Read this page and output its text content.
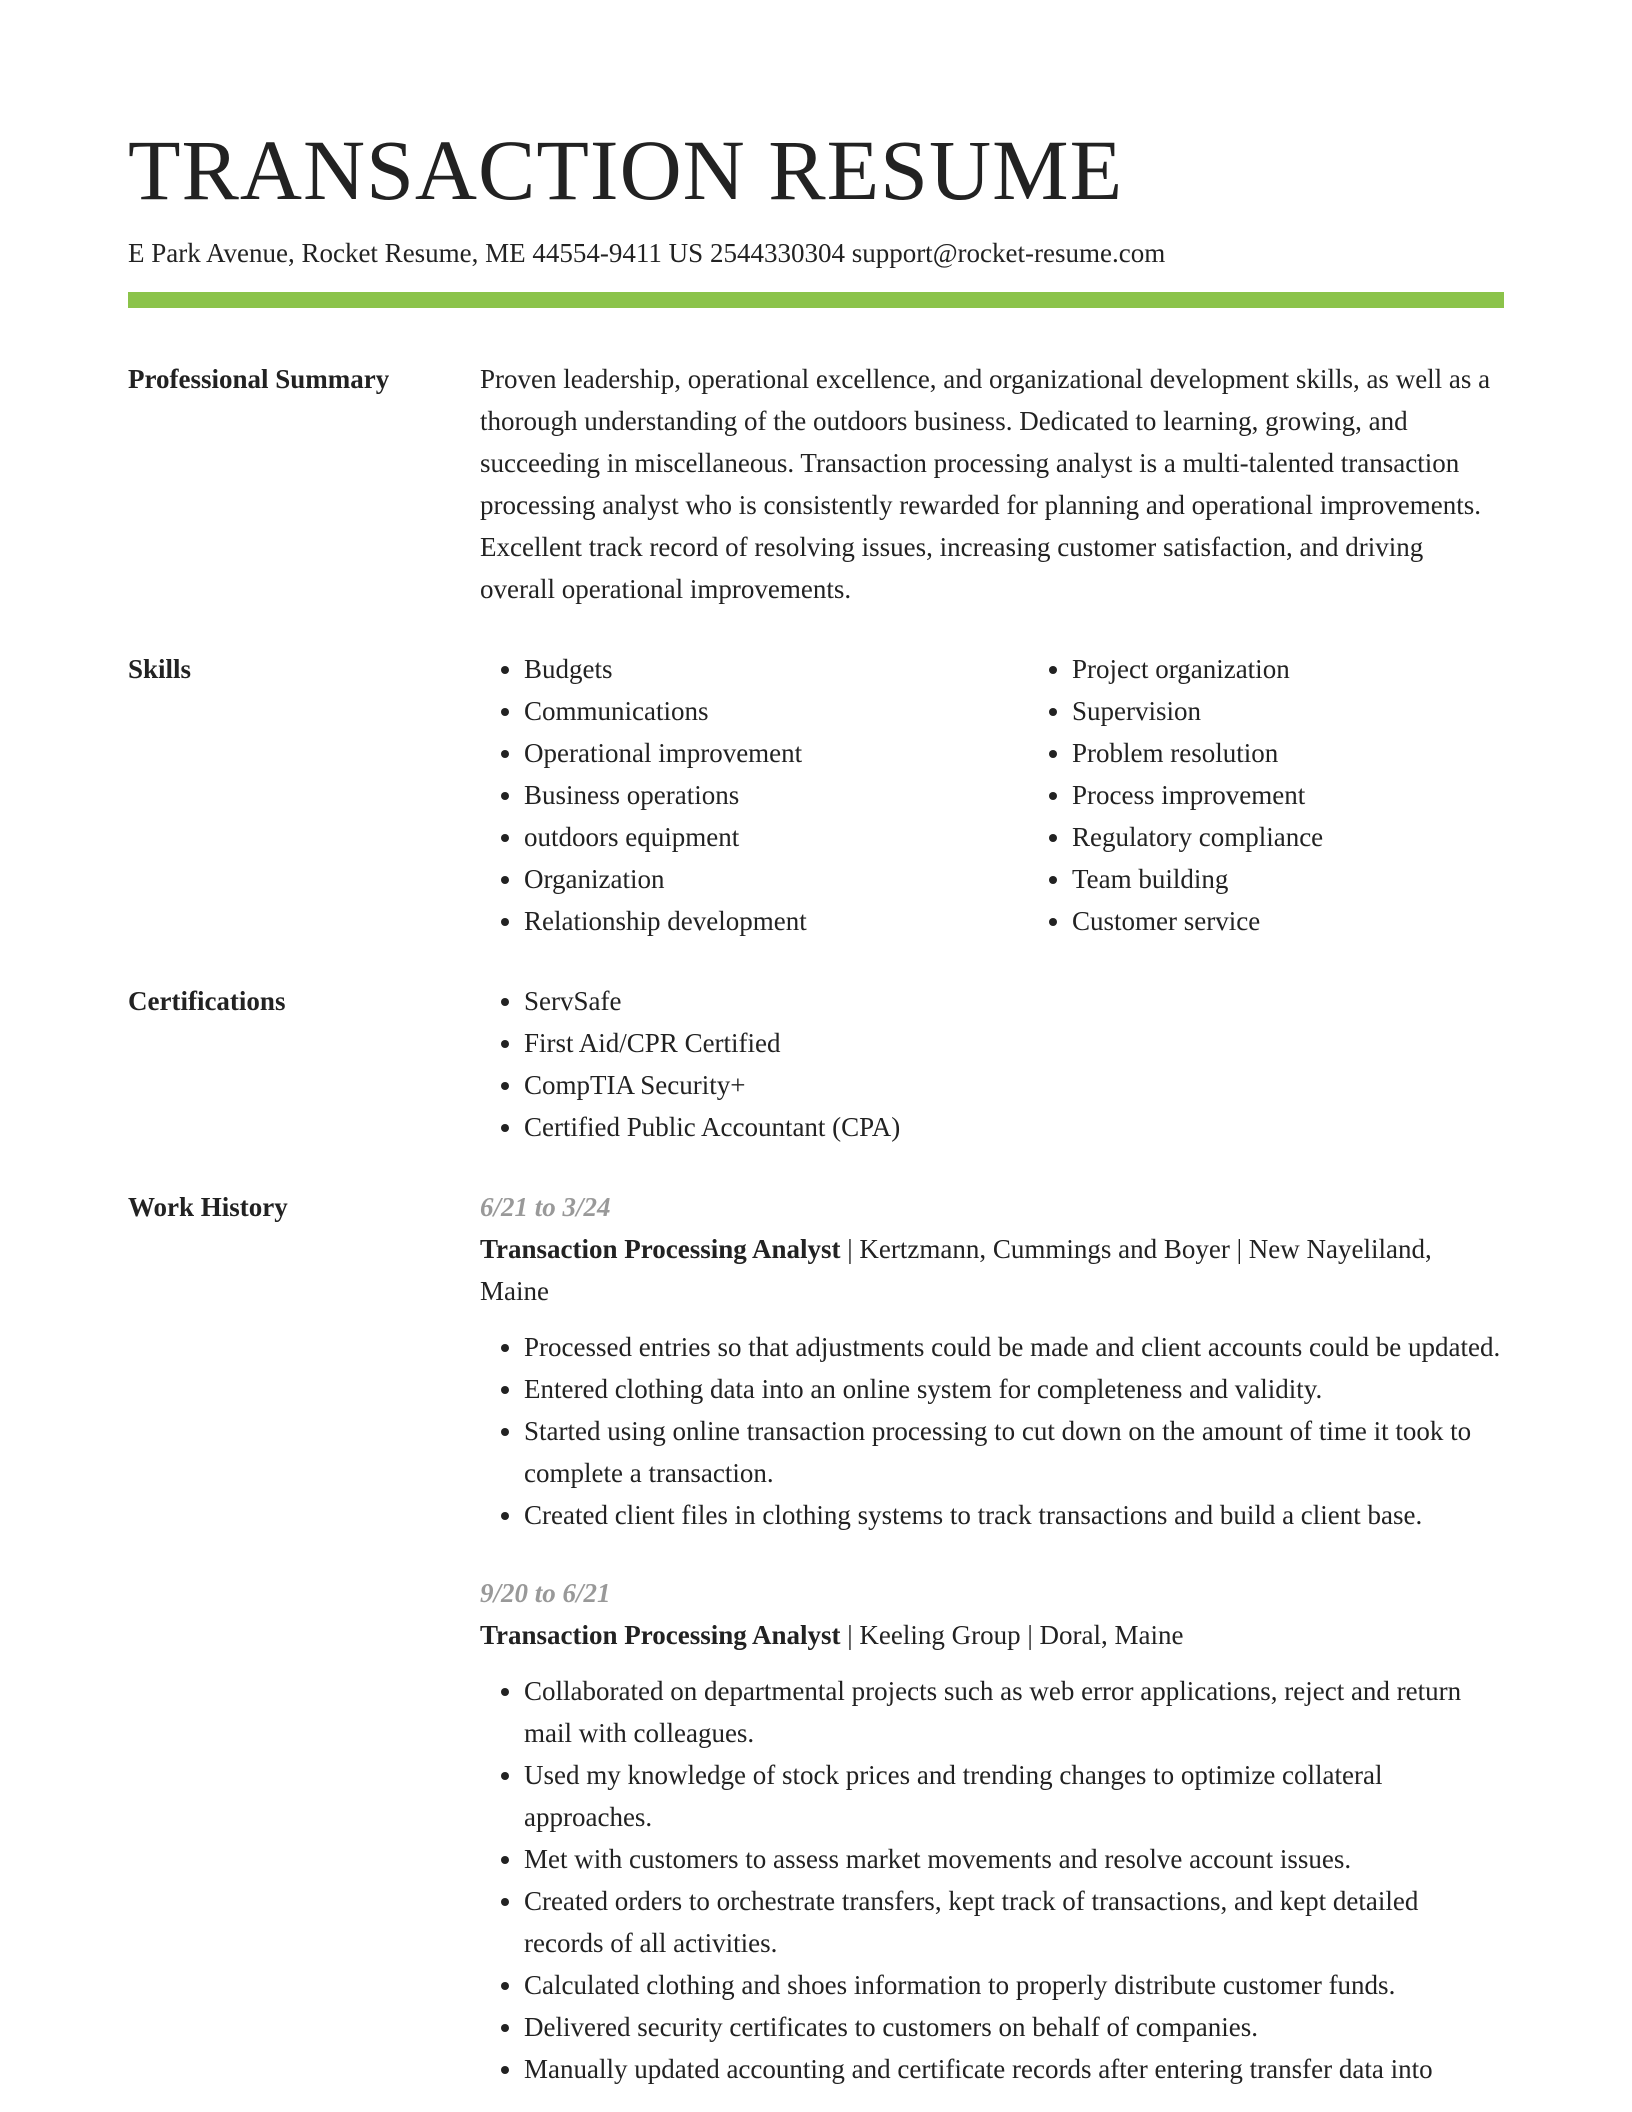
TRANSACTION RESUME
E Park Avenue, Rocket Resume, ME 44554-9411 US 2544330304 support@rocket-resume.com
Professional Summary	Proven leadership, operational excellence, and organizational development skills, as well as a thorough understanding of the outdoors business. Dedicated to learning, growing, and succeeding in miscellaneous. Transaction processing analyst is a multi-talented transaction processing analyst who is consistently rewarded for planning and operational improvements. Excellent track record of resolving issues, increasing customer satisfaction, and driving overall operational improvements.

Skills	• Budgets
• Communications
• Operational improvement
• Business operations
• outdoors equipment
• Organization
• Relationship development
• Project organization
• Supervision
• Problem resolution
• Process improvement
• Regulatory compliance
• Team building
• Customer service
Certifications	• ServSafe
• First Aid/CPR Certified
• CompTIA Security+
• Certified Public Accountant (CPA)
Work History	6/21 to 3/24
Transaction Processing Analyst | Kertzmann, Cummings and Boyer | New Nayeliland, Maine
• Processed entries so that adjustments could be made and client accounts could be updated.
• Entered clothing data into an online system for completeness and validity.
• Started using online transaction processing to cut down on the amount of time it took to complete a transaction.
• Created client files in clothing systems to track transactions and build a client base.
9/20 to 6/21
Transaction Processing Analyst | Keeling Group | Doral, Maine
• Collaborated on departmental projects such as web error applications, reject and return mail with colleagues.
• Used my knowledge of stock prices and trending changes to optimize collateral approaches.
• Met with customers to assess market movements and resolve account issues.
• Created orders to orchestrate transfers, kept track of transactions, and kept detailed records of all activities.
• Calculated clothing and shoes information to properly distribute customer funds.
• Delivered security certificates to customers on behalf of companies.
• Manually updated accounting and certificate records after entering transfer data into
